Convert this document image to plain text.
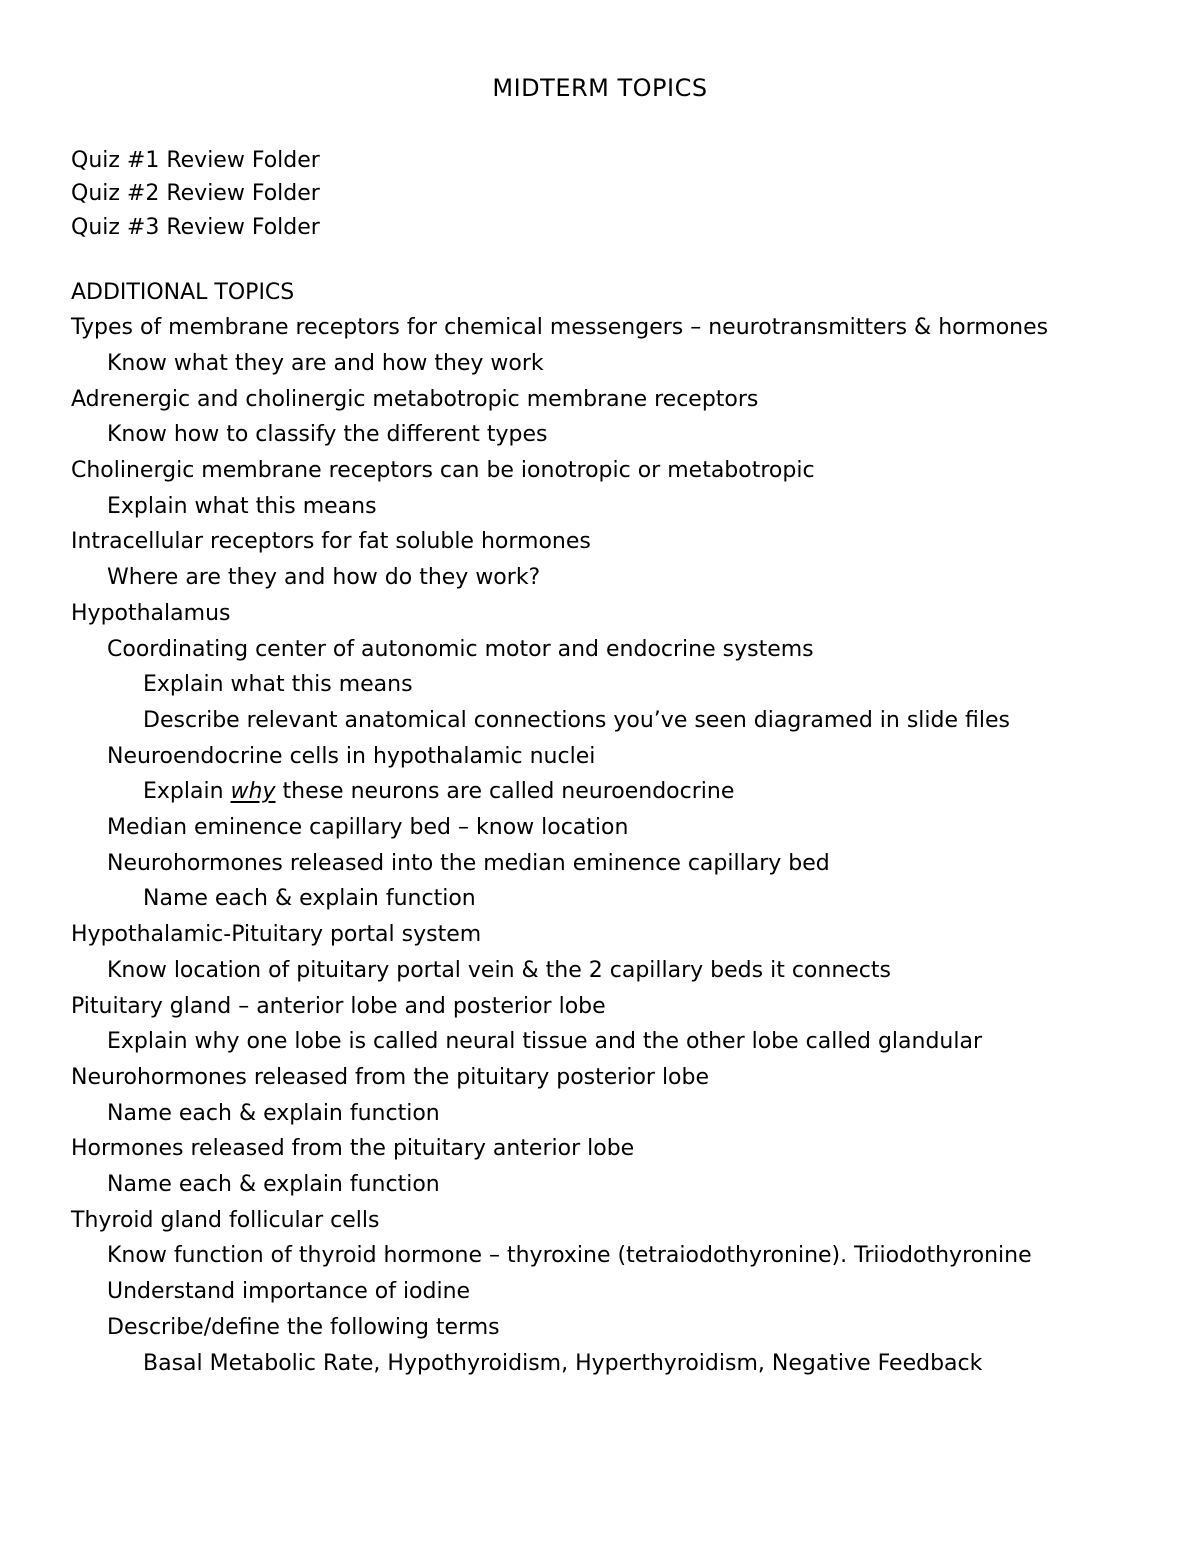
MIDTERM TOPICS
Quiz #1 Review Folder
Quiz #2 Review Folder
Quiz #3 Review Folder
ADDITIONAL TOPICS
Types of membrane receptors for chemical messengers – neurotransmitters & hormones
Know what they are and how they work
Adrenergic and cholinergic metabotropic membrane receptors
Know how to classify the different types
Cholinergic membrane receptors can be ionotropic or metabotropic
Explain what this means
Intracellular receptors for fat soluble hormones
Where are they and how do they work?
Hypothalamus
Coordinating center of autonomic motor and endocrine systems
Explain what this means
Describe relevant anatomical connections you’ve seen diagramed in slide files
Neuroendocrine cells in hypothalamic nuclei
Explain why these neurons are called neuroendocrine
Median eminence capillary bed – know location
Neurohormones released into the median eminence capillary bed
Name each & explain function
Hypothalamic-Pituitary portal system
Know location of pituitary portal vein & the 2 capillary beds it connects
Pituitary gland – anterior lobe and posterior lobe
Explain why one lobe is called neural tissue and the other lobe called glandular
Neurohormones released from the pituitary posterior lobe
Name each & explain function
Hormones released from the pituitary anterior lobe
Name each & explain function
Thyroid gland follicular cells
Know function of thyroid hormone – thyroxine (tetraiodothyronine). Triiodothyronine
Understand importance of iodine
Describe/define the following terms
Basal Metabolic Rate, Hypothyroidism, Hyperthyroidism, Negative Feedback
